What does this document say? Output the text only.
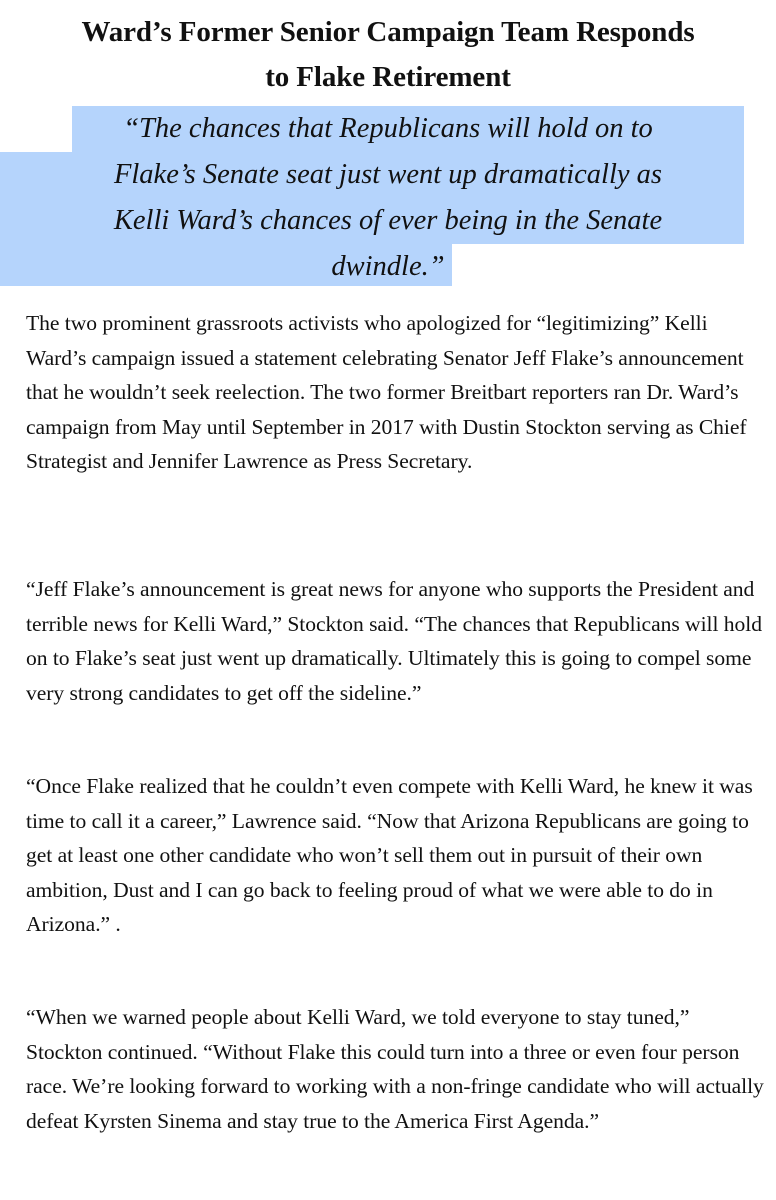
Ward’s Former Senior Campaign Team Responds
to Flake Retirement

“The chances that Republicans will hold on to
Flake’s Senate seat just went up dramatically as
Kelli Ward’s chances of ever being in the Senate
dwindle.”

The two prominent grassroots activists who apologized for “legitimizing” Kelli Ward’s campaign issued a statement celebrating Senator Jeff Flake’s announcement that he wouldn’t seek reelection. The two former Breitbart reporters ran Dr. Ward’s campaign from May until September in 2017 with Dustin Stockton serving as Chief Strategist and Jennifer Lawrence as Press Secretary.

“Jeff Flake’s announcement is great news for anyone who supports the President and terrible news for Kelli Ward,” Stockton said. “The chances that Republicans will hold on to Flake’s seat just went up dramatically. Ultimately this is going to compel some very strong candidates to get off the sideline.”

“Once Flake realized that he couldn’t even compete with Kelli Ward, he knew it was time to call it a career,” Lawrence said. “Now that Arizona Republicans are going to get at least one other candidate who won’t sell them out in pursuit of their own ambition, Dust and I can go back to feeling proud of what we were able to do in Arizona.” .

“When we warned people about Kelli Ward, we told everyone to stay tuned,” Stockton continued. “Without Flake this could turn into a three or even four person race. We’re looking forward to working with a non-fringe candidate who will actually defeat Kyrsten Sinema and stay true to the America First Agenda.”
